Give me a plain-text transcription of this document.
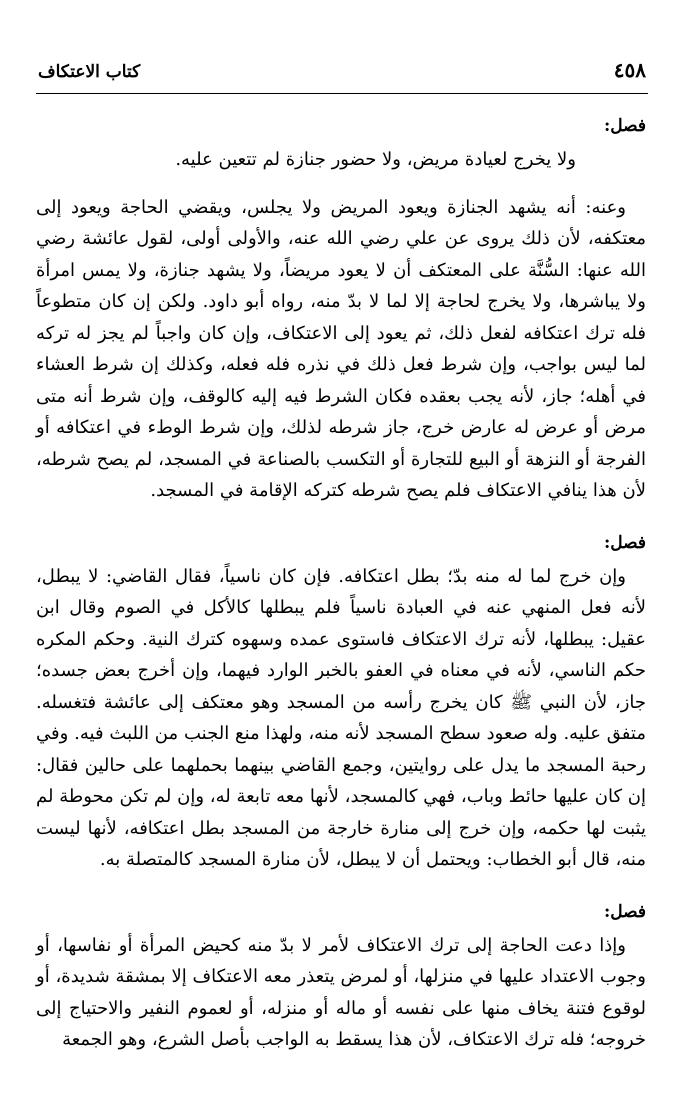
٤٥٨
كتاب الاعتكاف
فصل:

ولا يخرج لعيادة مريض، ولا حضور جنازة لم تتعين عليه.

وعنه: أنه يشهد الجنازة ويعود المريض ولا يجلس، ويقضي الحاجة ويعود إلى معتكفه، لأن ذلك يروى عن علي رضي الله عنه، والأولى أولى، لقول عائشة رضي الله عنها: السُّنَّة على المعتكف أن لا يعود مريضاً، ولا يشهد جنازة، ولا يمس امرأة ولا يباشرها، ولا يخرج لحاجة إلا لما لا بدّ منه، رواه أبو داود. ولكن إن كان متطوعاً فله ترك اعتكافه لفعل ذلك، ثم يعود إلى الاعتكاف، وإن كان واجباً لم يجز له تركه لما ليس بواجب، وإن شرط فعل ذلك في نذره فله فعله، وكذلك إن شرط العشاء في أهله؛ جاز، لأنه يجب بعقده فكان الشرط فيه إليه كالوقف، وإن شرط أنه متى مرض أو عرض له عارض خرج، جاز شرطه لذلك، وإن شرط الوطء في اعتكافه أو الفرجة أو النزهة أو البيع للتجارة أو التكسب بالصناعة في المسجد، لم يصح شرطه، لأن هذا ينافي الاعتكاف فلم يصح شرطه كتركه الإقامة في المسجد.

فصل:

وإن خرج لما له منه بدّ؛ بطل اعتكافه. فإن كان ناسياً، فقال القاضي: لا يبطل، لأنه فعل المنهي عنه في العبادة ناسياً فلم يبطلها كالأكل في الصوم وقال ابن عقيل: يبطلها، لأنه ترك الاعتكاف فاستوى عمده وسهوه كترك النية. وحكم المكره حكم الناسي، لأنه في معناه في العفو بالخبر الوارد فيهما، وإن أخرج بعض جسده؛ جاز، لأن النبي ﷺ كان يخرج رأسه من المسجد وهو معتكف إلى عائشة فتغسله. متفق عليه. وله صعود سطح المسجد لأنه منه، ولهذا منع الجنب من اللبث فيه. وفي رحبة المسجد ما يدل على روايتين، وجمع القاضي بينهما بحملهما على حالين فقال: إن كان عليها حائط وباب، فهي كالمسجد، لأنها معه تابعة له، وإن لم تكن محوطة لم يثبت لها حكمه، وإن خرج إلى منارة خارجة من المسجد بطل اعتكافه، لأنها ليست منه، قال أبو الخطاب: ويحتمل أن لا يبطل، لأن منارة المسجد كالمتصلة به.

فصل:

وإذا دعت الحاجة إلى ترك الاعتكاف لأمر لا بدّ منه كحيض المرأة أو نفاسها، أو وجوب الاعتداد عليها في منزلها، أو لمرض يتعذر معه الاعتكاف إلا بمشقة شديدة، أو لوقوع فتنة يخاف منها على نفسه أو ماله أو منزله، أو لعموم النفير والاحتياج إلى خروجه؛ فله ترك الاعتكاف، لأن هذا يسقط به الواجب بأصل الشرع، وهو الجمعة
